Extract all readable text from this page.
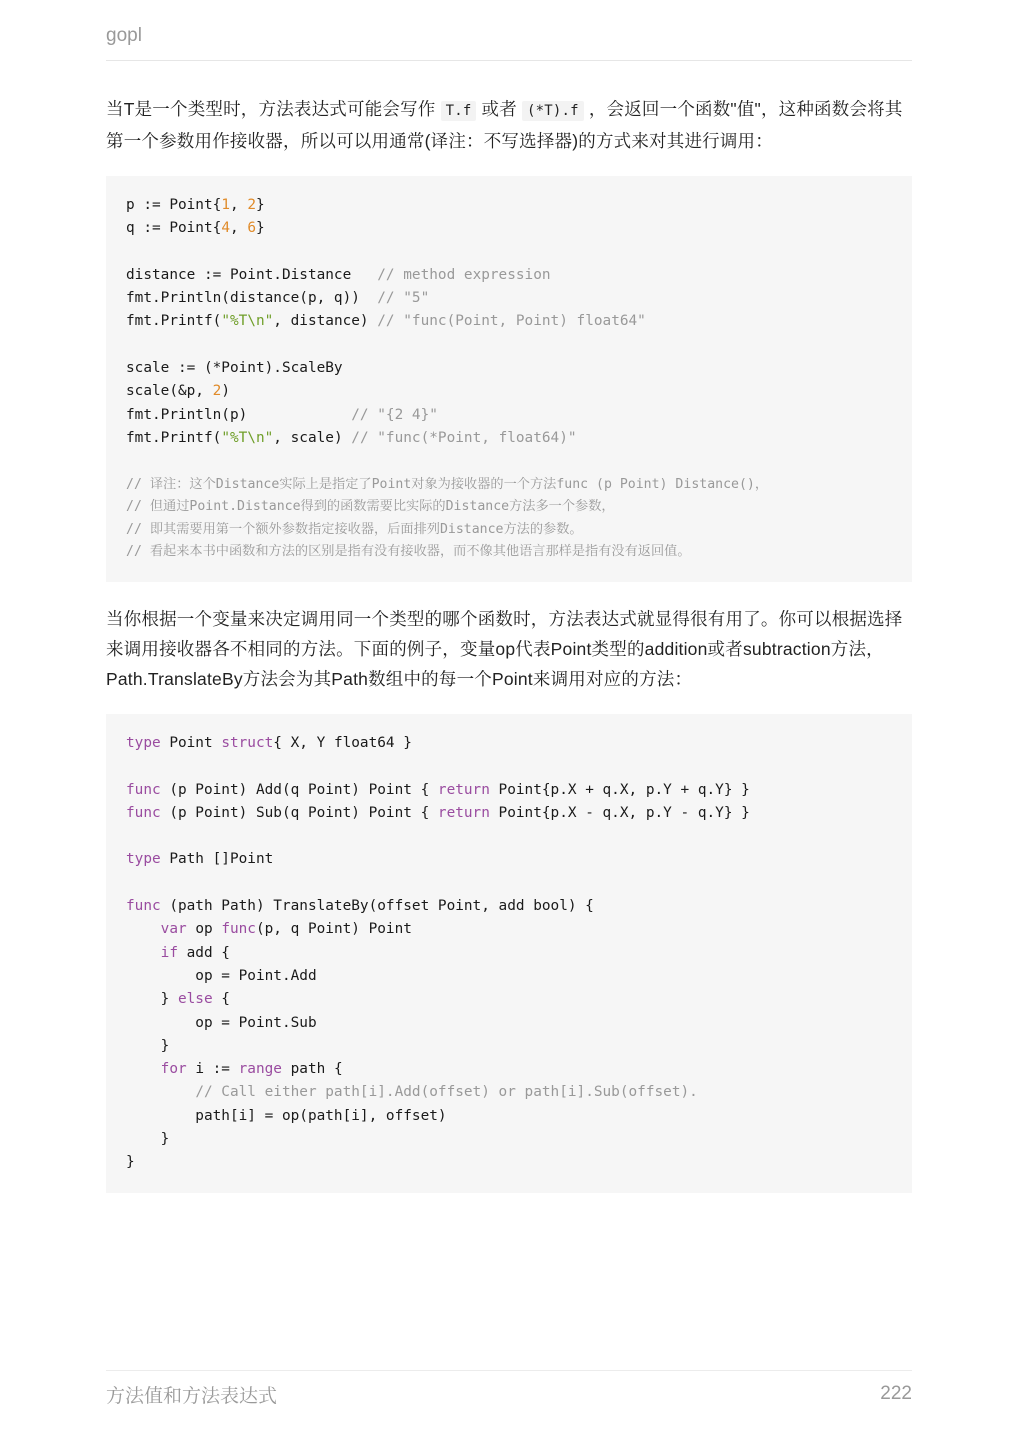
gopl

当T是一个类型时，方法表达式可能会写作 T.f 或者 (*T).f ，会返回一个函数"值"，这种函数会将其第一个参数用作接收器，所以可以用通常(译注：不写选择器)的方式来对其进行调用：

p := Point{1, 2}
q := Point{4, 6}

distance := Point.Distance   // method expression
fmt.Println(distance(p, q))  // "5"
fmt.Printf("%T\n", distance) // "func(Point, Point) float64"

scale := (*Point).ScaleBy
scale(&p, 2)
fmt.Println(p)            // "{2 4}"
fmt.Printf("%T\n", scale) // "func(*Point, float64)"

// 译注：这个Distance实际上是指定了Point对象为接收器的一个方法func (p Point) Distance()，
// 但通过Point.Distance得到的函数需要比实际的Distance方法多一个参数，
// 即其需要用第一个额外参数指定接收器，后面排列Distance方法的参数。
// 看起来本书中函数和方法的区别是指有没有接收器，而不像其他语言那样是指有没有返回值。

当你根据一个变量来决定调用同一个类型的哪个函数时，方法表达式就显得很有用了。你可以根据选择来调用接收器各不相同的方法。下面的例子，变量op代表Point类型的addition或者subtraction方法，Path.TranslateBy方法会为其Path数组中的每一个Point来调用对应的方法：

type Point struct{ X, Y float64 }

func (p Point) Add(q Point) Point { return Point{p.X + q.X, p.Y + q.Y} }
func (p Point) Sub(q Point) Point { return Point{p.X - q.X, p.Y - q.Y} }

type Path []Point

func (path Path) TranslateBy(offset Point, add bool) {
var op func(p, q Point) Point
if add {
op = Point.Add
} else {
op = Point.Sub
}
for i := range path {
// Call either path[i].Add(offset) or path[i].Sub(offset).
path[i] = op(path[i], offset)
}
}
方法值和方法表达式	222
